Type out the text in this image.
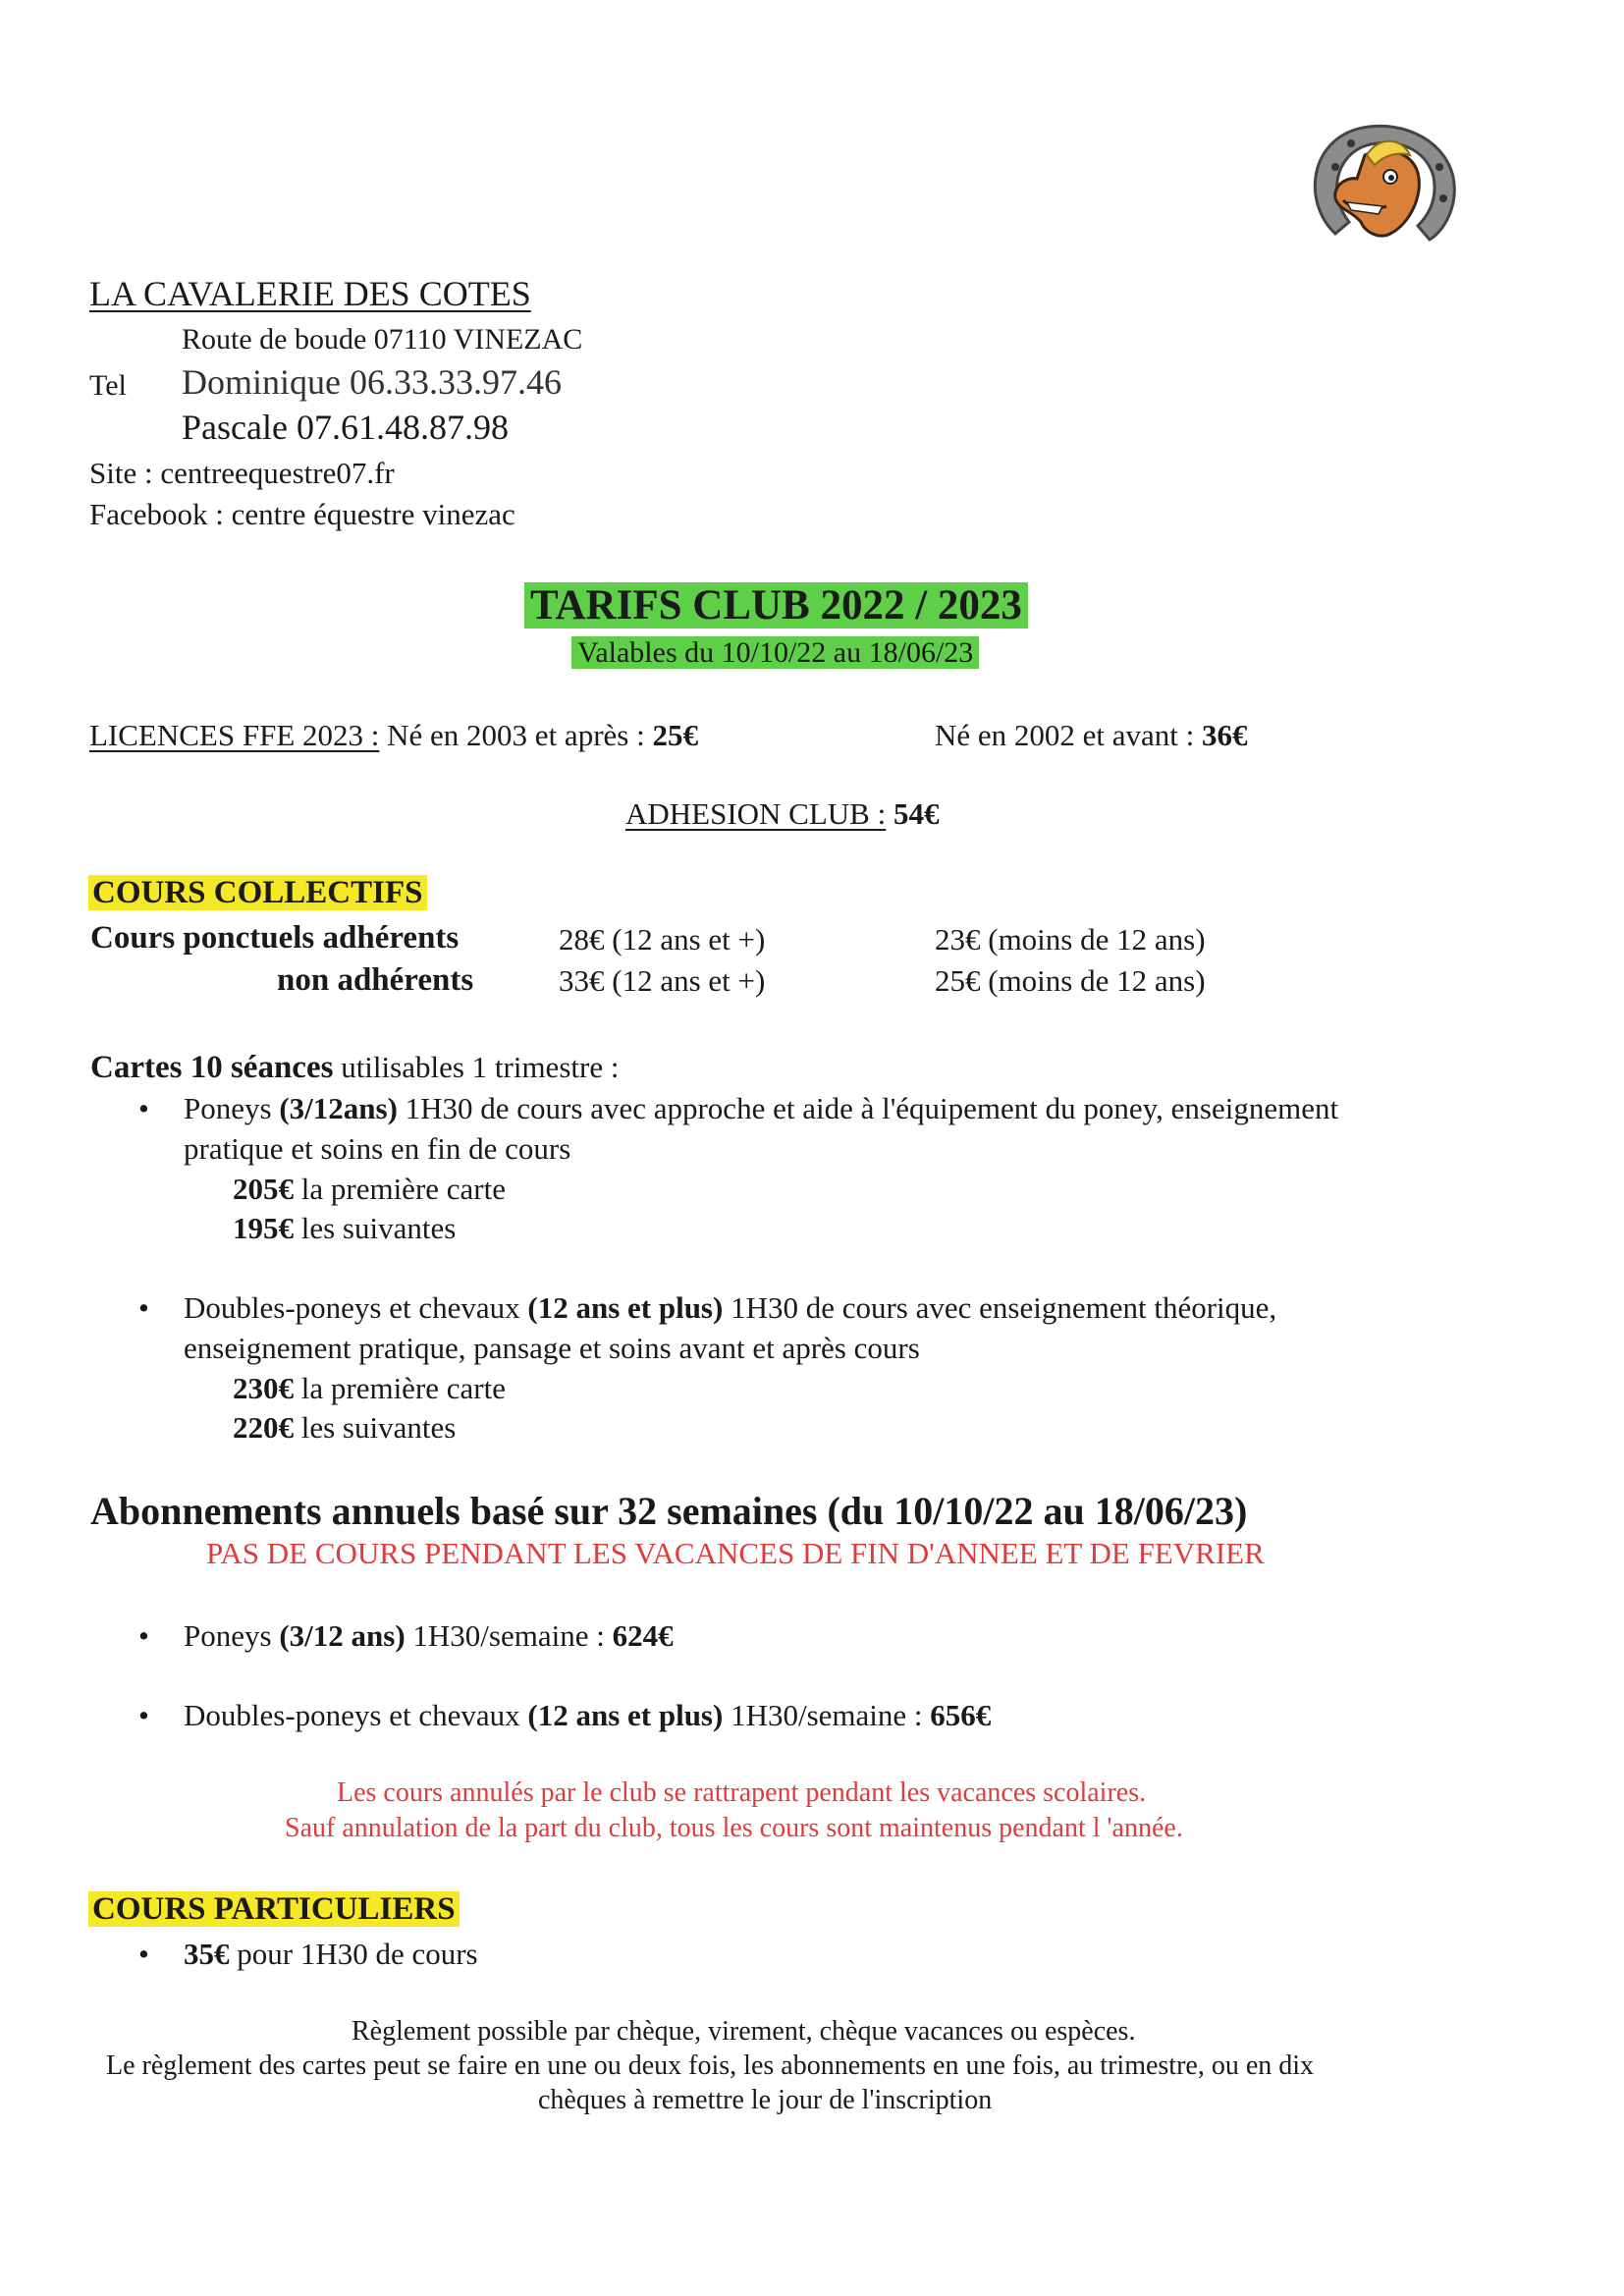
LA CAVALERIE DES COTES
Route de boude 07110 VINEZAC
Tel Dominique 06.33.33.97.46
Pascale 07.61.48.87.98
Site : centreequestre07.fr
Facebook : centre équestre vinezac
TARIFS CLUB 2022 / 2023
Valables du 10/10/22 au 18/06/23
LICENCES FFE 2023 : Né en 2003 et après : 25€	Né en 2002 et avant : 36€
ADHESION CLUB : 54€
COURS COLLECTIFS
Cours ponctuels adhérents	28€ (12 ans et +)	23€ (moins de 12 ans)
non adhérents	33€ (12 ans et +)	25€ (moins de 12 ans)
Cartes 10 séances utilisables 1 trimestre :
• Poneys (3/12ans) 1H30 de cours avec approche et aide à l'équipement du poney, enseignement
pratique et soins en fin de cours
205€ la première carte
195€ les suivantes
• Doubles-poneys et chevaux (12 ans et plus) 1H30 de cours avec enseignement théorique,
enseignement pratique, pansage et soins avant et après cours
230€ la première carte
220€ les suivantes
Abonnements annuels basé sur 32 semaines (du 10/10/22 au 18/06/23)
PAS DE COURS PENDANT LES VACANCES DE FIN D'ANNEE ET DE FEVRIER
• Poneys (3/12 ans) 1H30/semaine : 624€
• Doubles-poneys et chevaux (12 ans et plus) 1H30/semaine : 656€
Les cours annulés par le club se rattrapent pendant les vacances scolaires.
Sauf annulation de la part du club, tous les cours sont maintenus pendant l 'année.
COURS PARTICULIERS
• 35€ pour 1H30 de cours
Règlement possible par chèque, virement, chèque vacances ou espèces.
Le règlement des cartes peut se faire en une ou deux fois, les abonnements en une fois, au trimestre, ou en dix
chèques à remettre le jour de l'inscription
